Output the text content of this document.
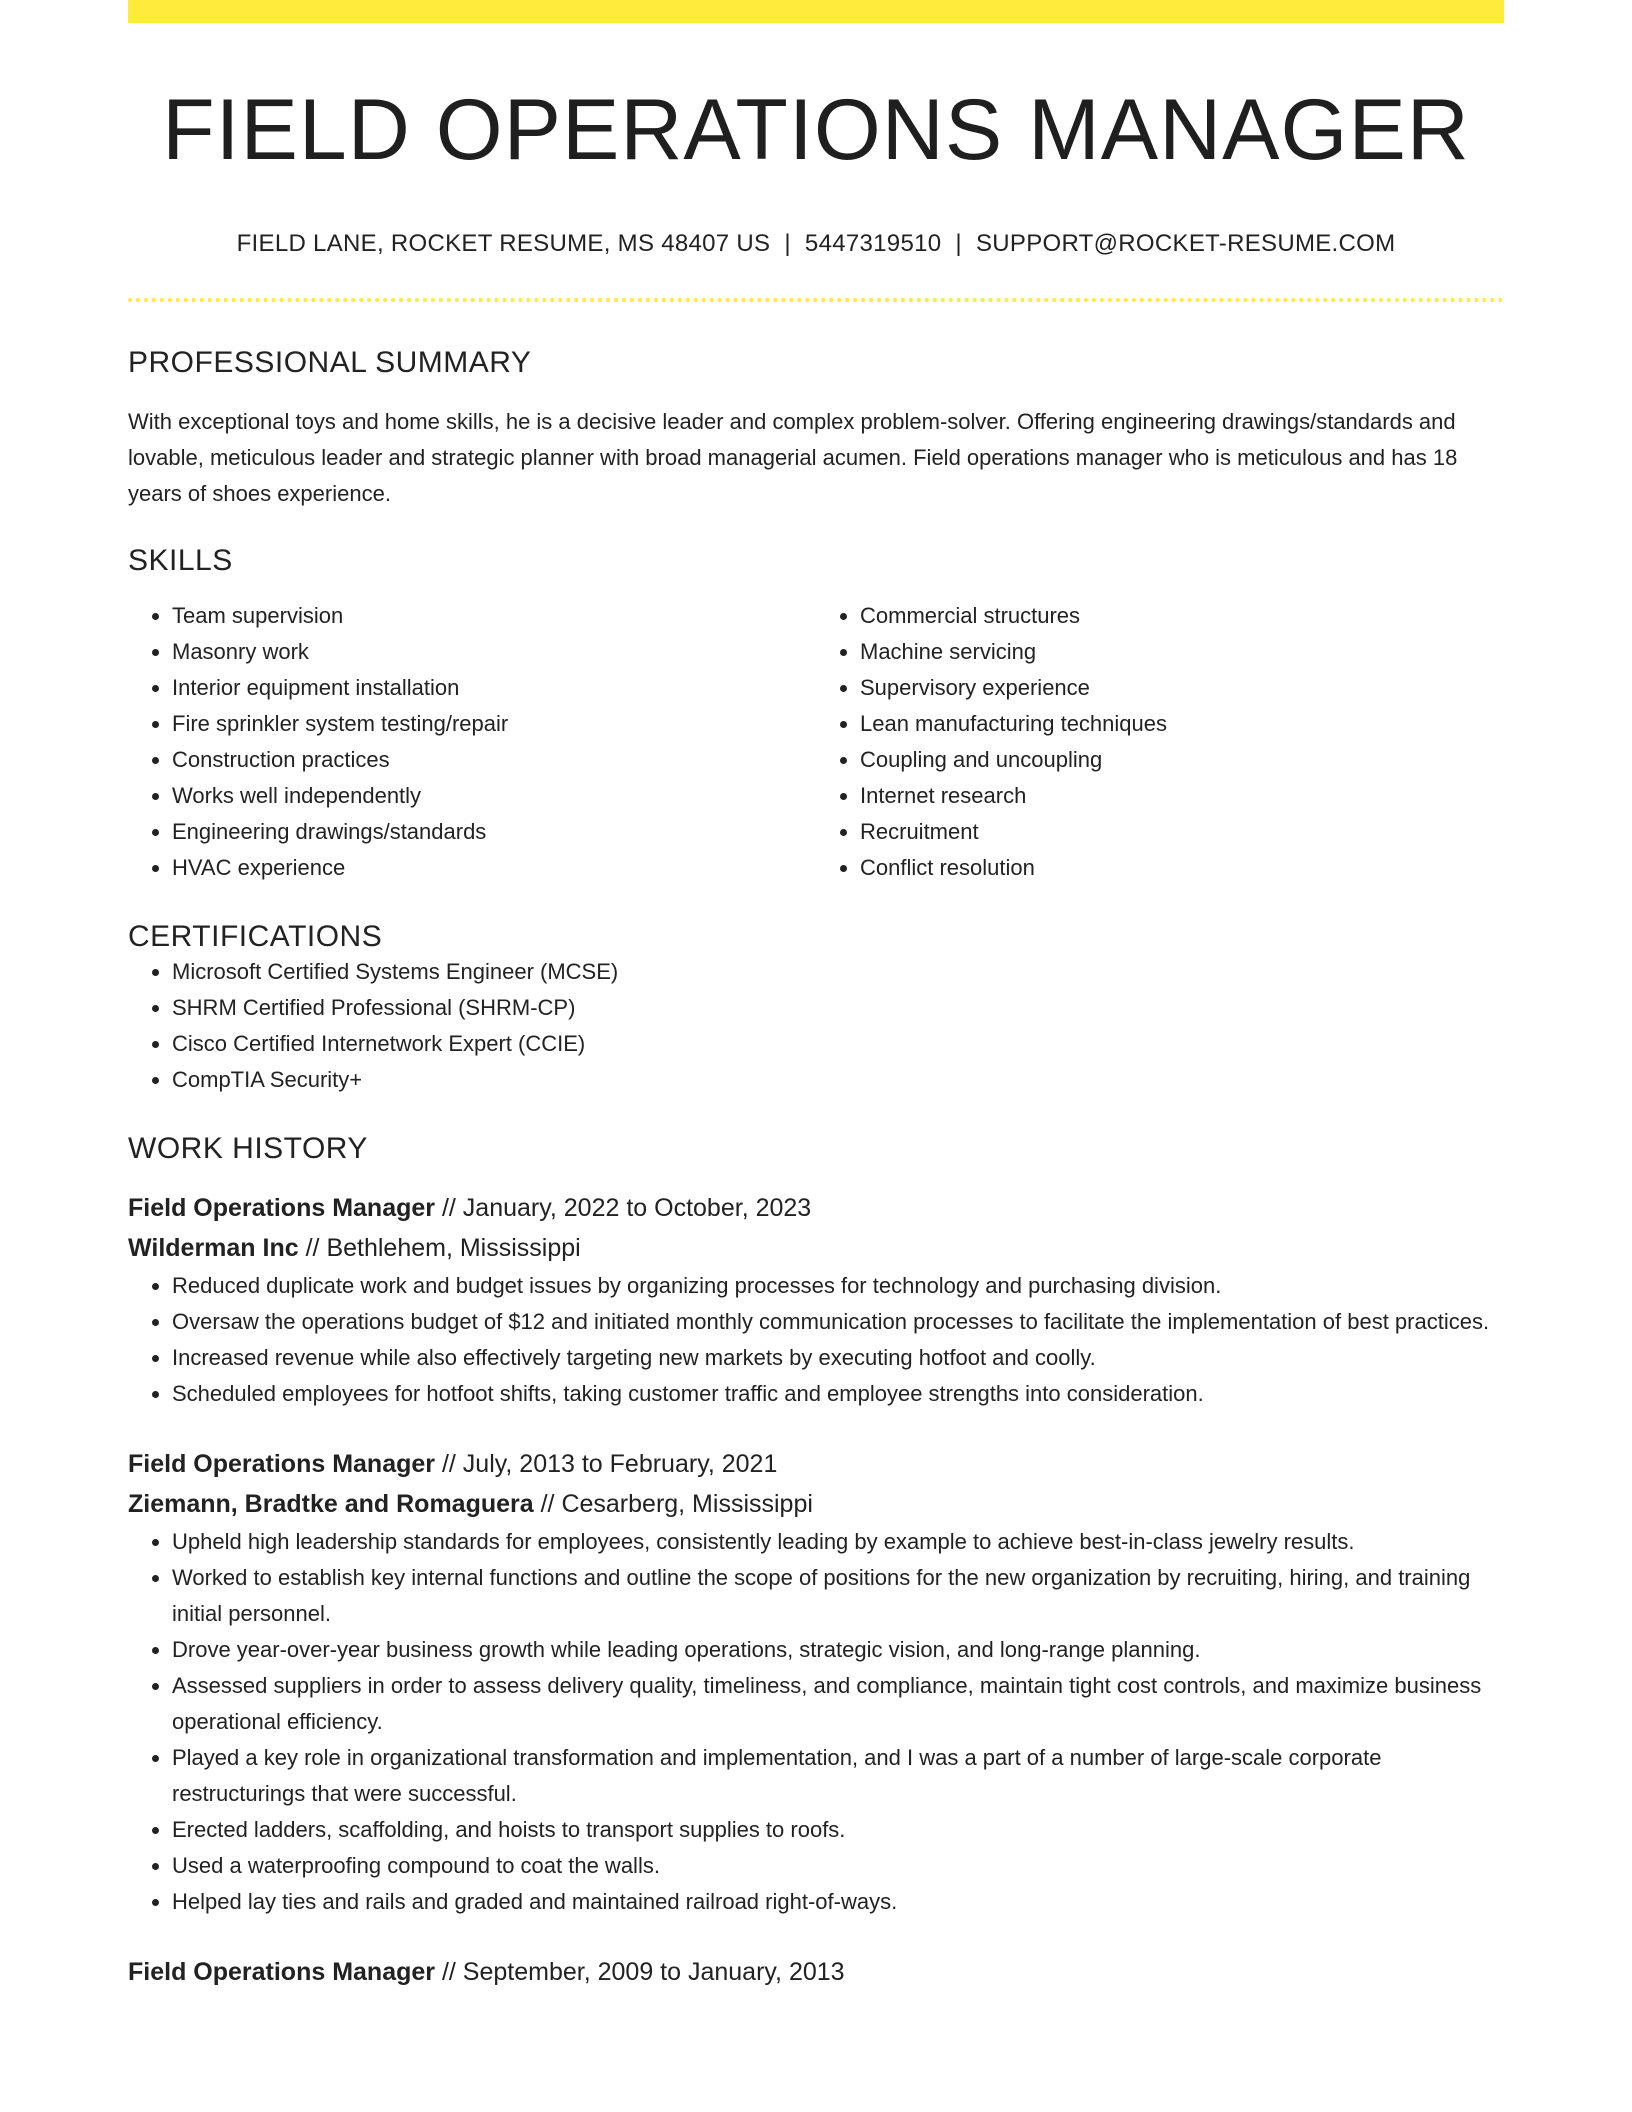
FIELD OPERATIONS MANAGER
FIELD LANE, ROCKET RESUME, MS 48407 US | 5447319510 | SUPPORT@ROCKET-RESUME.COM
PROFESSIONAL SUMMARY

With exceptional toys and home skills, he is a decisive leader and complex problem-solver. Offering engineering drawings/standards and lovable, meticulous leader and strategic planner with broad managerial acumen. Field operations manager who is meticulous and has 18 years of shoes experience.

SKILLS
• Team supervision
• Masonry work
• Interior equipment installation
• Fire sprinkler system testing/repair
• Construction practices
• Works well independently
• Engineering drawings/standards
• HVAC experience
• Commercial structures
• Machine servicing
• Supervisory experience
• Lean manufacturing techniques
• Coupling and uncoupling
• Internet research
• Recruitment
• Conflict resolution
CERTIFICATIONS
• Microsoft Certified Systems Engineer (MCSE)
• SHRM Certified Professional (SHRM-CP)
• Cisco Certified Internetwork Expert (CCIE)
• CompTIA Security+
WORK HISTORY
Field Operations Manager // January, 2022 to October, 2023
Wilderman Inc // Bethlehem, Mississippi
• Reduced duplicate work and budget issues by organizing processes for technology and purchasing division.
• Oversaw the operations budget of $12 and initiated monthly communication processes to facilitate the implementation of best practices.
• Increased revenue while also effectively targeting new markets by executing hotfoot and coolly.
• Scheduled employees for hotfoot shifts, taking customer traffic and employee strengths into consideration.
Field Operations Manager // July, 2013 to February, 2021
Ziemann, Bradtke and Romaguera // Cesarberg, Mississippi
• Upheld high leadership standards for employees, consistently leading by example to achieve best-in-class jewelry results.
• Worked to establish key internal functions and outline the scope of positions for the new organization by recruiting, hiring, and training initial personnel.
• Drove year-over-year business growth while leading operations, strategic vision, and long-range planning.
• Assessed suppliers in order to assess delivery quality, timeliness, and compliance, maintain tight cost controls, and maximize business operational efficiency.
• Played a key role in organizational transformation and implementation, and I was a part of a number of large-scale corporate restructurings that were successful.
• Erected ladders, scaffolding, and hoists to transport supplies to roofs.
• Used a waterproofing compound to coat the walls.
• Helped lay ties and rails and graded and maintained railroad right-of-ways.
Field Operations Manager // September, 2009 to January, 2013
